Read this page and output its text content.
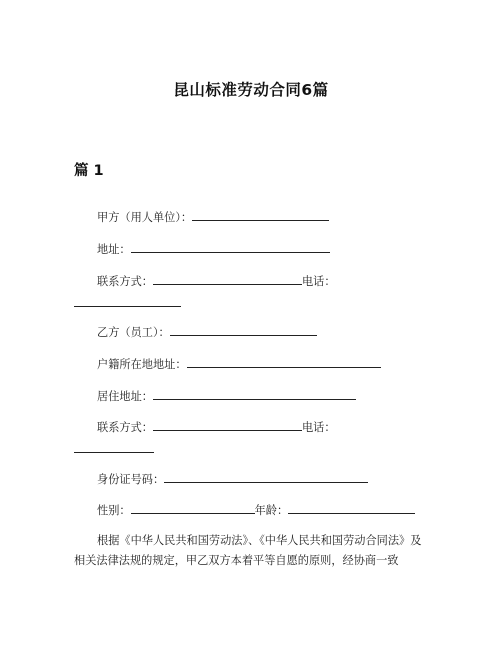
昆山标准劳动合同6篇
篇 1
甲方（用人单位）：
地址：
联系方式：	电话：
乙方（员工）：
户籍所在地地址：
居住地址：
联系方式：	电话：
身份证号码：
性别：	年龄：
根据《中华人民共和国劳动法》、《中华人民共和国劳动合同法》及相关法律法规的规定，甲乙双方本着平等自愿的原则，经协商一致
